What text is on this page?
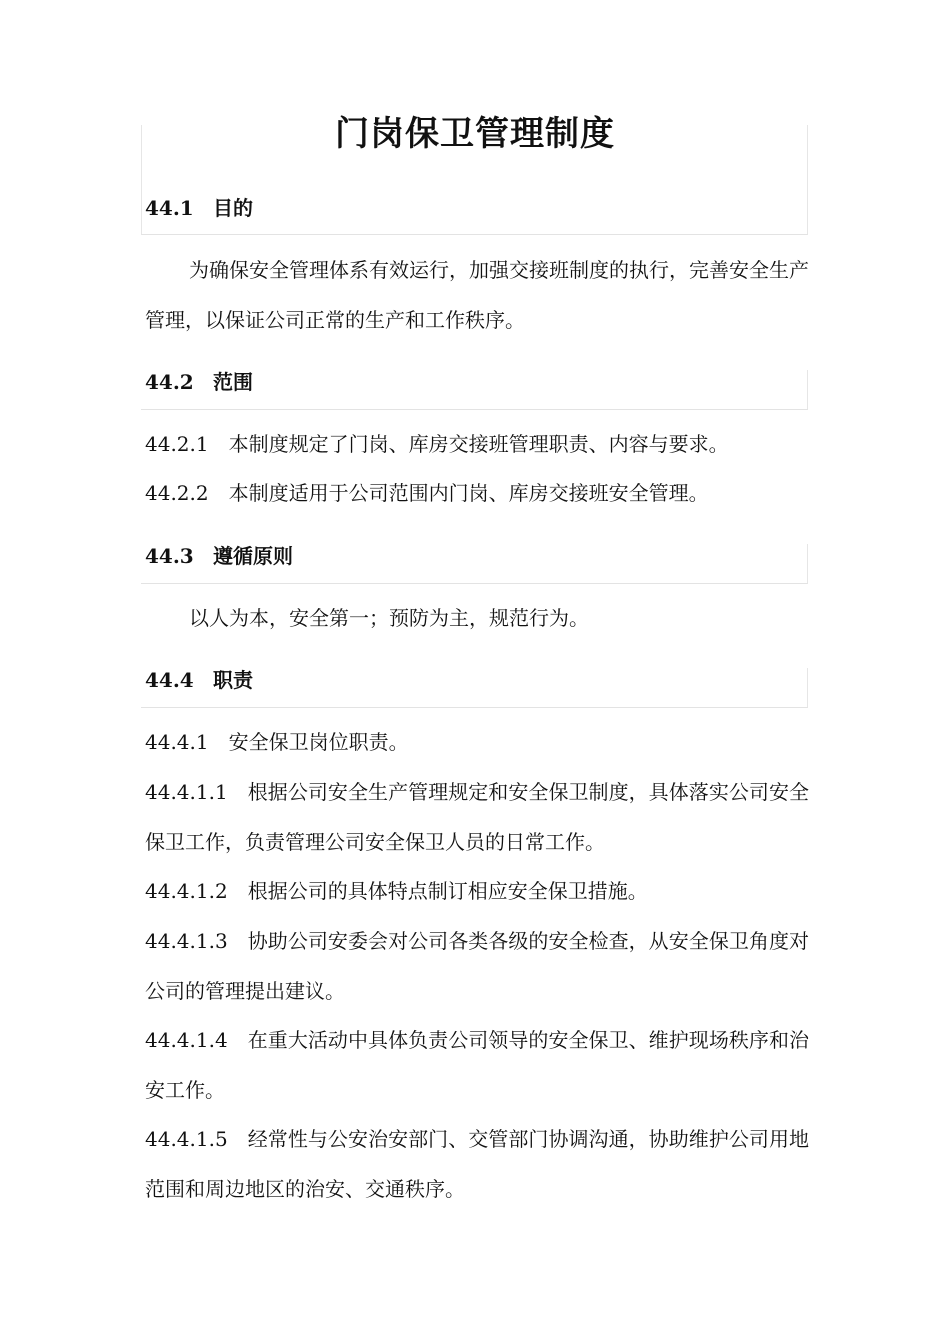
门岗保卫管理制度
44.1 目的
为确保安全管理体系有效运行，加强交接班制度的执行，完善安全生产管理，以保证公司正常的生产和工作秩序。
44.2 范围
44.2.1 本制度规定了门岗、库房交接班管理职责、内容与要求。
44.2.2 本制度适用于公司范围内门岗、库房交接班安全管理。
44.3 遵循原则
以人为本，安全第一；预防为主，规范行为。
44.4 职责
44.4.1 安全保卫岗位职责。
44.4.1.1 根据公司安全生产管理规定和安全保卫制度，具体落实公司安全保卫工作，负责管理公司安全保卫人员的日常工作。
44.4.1.2 根据公司的具体特点制订相应安全保卫措施。
44.4.1.3 协助公司安委会对公司各类各级的安全检查，从安全保卫角度对公司的管理提出建议。
44.4.1.4 在重大活动中具体负责公司领导的安全保卫、维护现场秩序和治安工作。
44.4.1.5 经常性与公安治安部门、交管部门协调沟通，协助维护公司用地范围和周边地区的治安、交通秩序。
